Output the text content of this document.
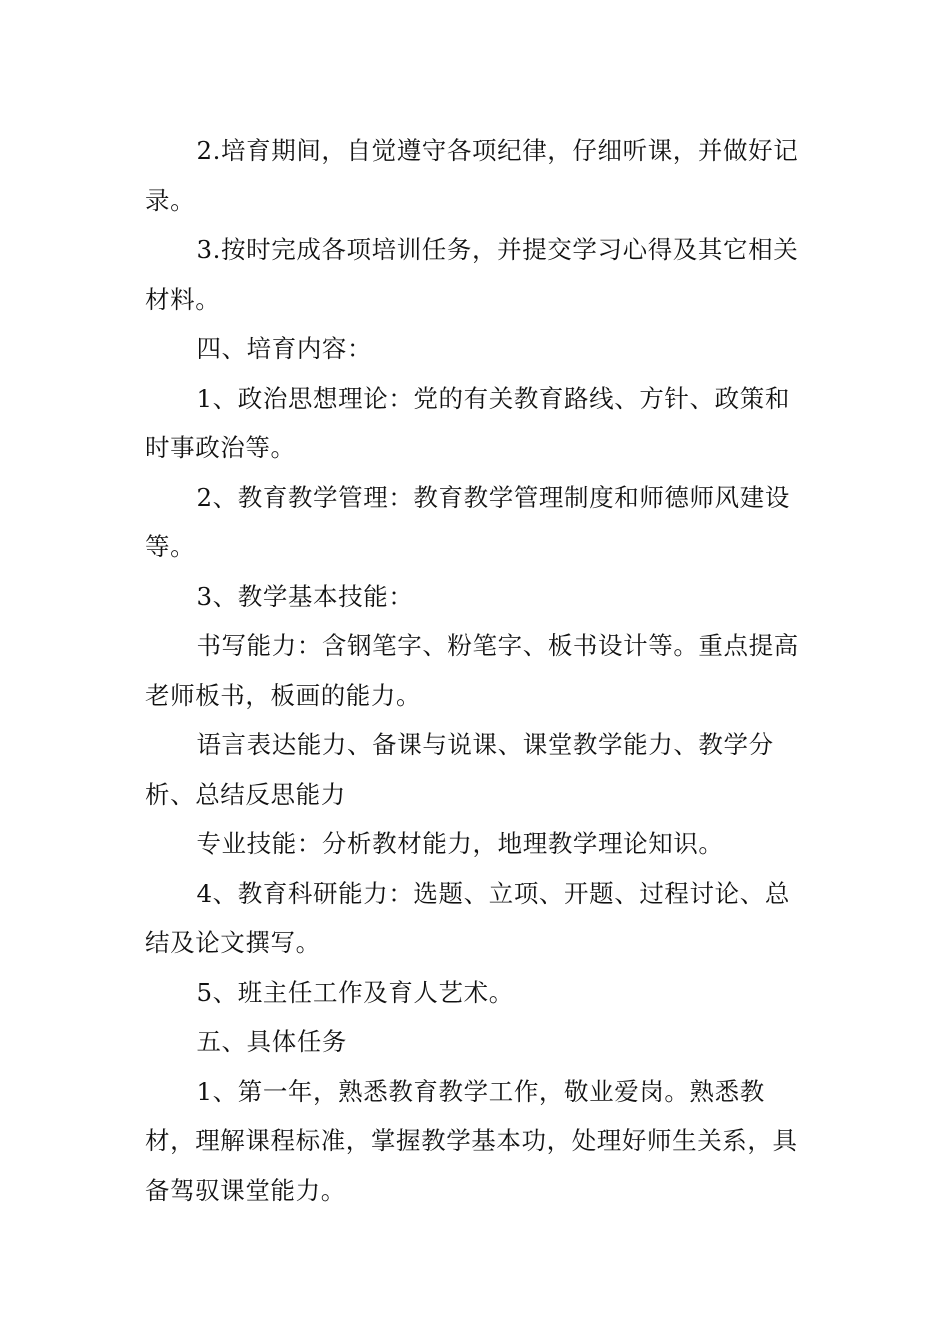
2.培育期间，自觉遵守各项纪律，仔细听课，并做好记录。

3.按时完成各项培训任务，并提交学习心得及其它相关材料。

四、培育内容：

1、政治思想理论：党的有关教育路线、方针、政策和时事政治等。

2、教育教学管理：教育教学管理制度和师德师风建设等。

3、教学基本技能：

书写能力：含钢笔字、粉笔字、板书设计等。重点提高老师板书，板画的能力。

语言表达能力、备课与说课、课堂教学能力、教学分析、总结反思能力

专业技能：分析教材能力，地理教学理论知识。

4、教育科研能力：选题、立项、开题、过程讨论、总结及论文撰写。

5、班主任工作及育人艺术。

五、具体任务

1、第一年，熟悉教育教学工作，敬业爱岗。熟悉教材，理解课程标准，掌握教学基本功，处理好师生关系，具备驾驭课堂能力。
